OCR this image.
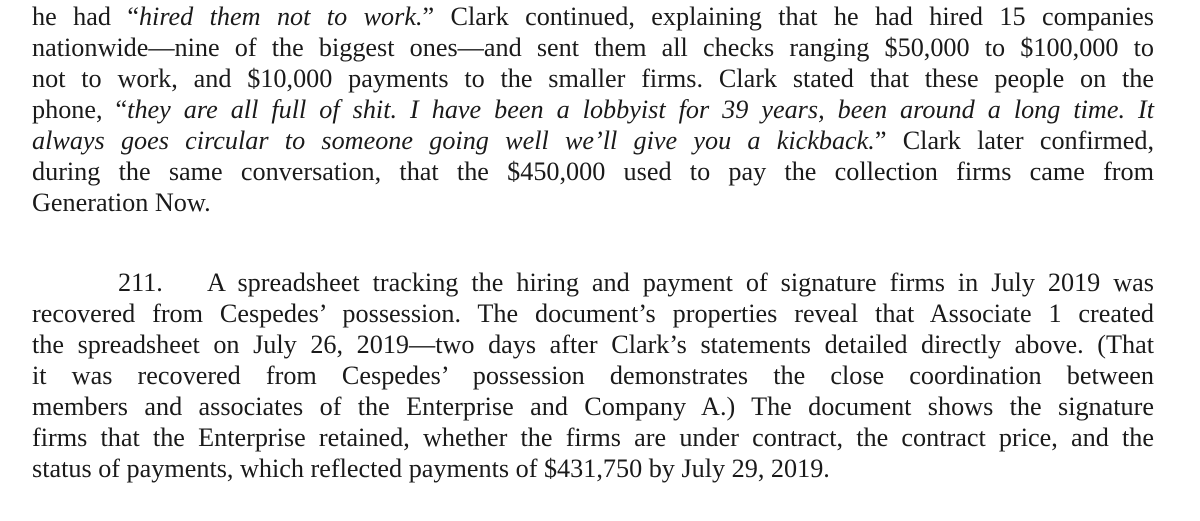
he had “hired them not to work.” Clark continued, explaining that he had hired 15 companies
nationwide—nine of the biggest ones—and sent them all checks ranging $50,000 to $100,000 to
not to work, and $10,000 payments to the smaller firms. Clark stated that these people on the
phone, “they are all full of shit. I have been a lobbyist for 39 years, been around a long time. It
always goes circular to someone going well we’ll give you a kickback.” Clark later confirmed,
during the same conversation, that the $450,000 used to pay the collection firms came from
Generation Now.
211. A spreadsheet tracking the hiring and payment of signature firms in July 2019 was
recovered from Cespedes’ possession. The document’s properties reveal that Associate 1 created
the spreadsheet on July 26, 2019—two days after Clark’s statements detailed directly above. (That
it was recovered from Cespedes’ possession demonstrates the close coordination between
members and associates of the Enterprise and Company A.) The document shows the signature
firms that the Enterprise retained, whether the firms are under contract, the contract price, and the
status of payments, which reflected payments of $431,750 by July 29, 2019.
